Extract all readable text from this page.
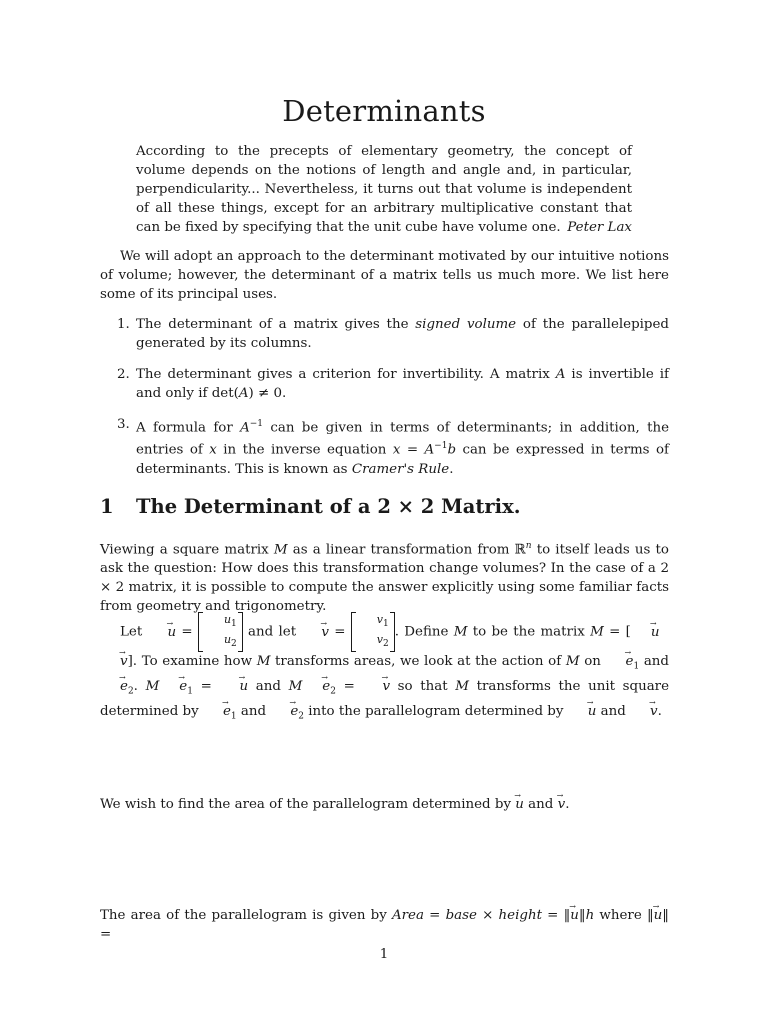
Determinants
According to the precepts of elementary geometry, the concept of volume depends on the notions of length and angle and, in particular, perpendicularity... Nevertheless, it turns out that volume is independent of all these things, except for an arbitrary multiplicative constant that can be fixed by specifying that the unit cube have volume one. Peter Lax

We will adopt an approach to the determinant motivated by our intuitive notions of volume; however, the determinant of a matrix tells us much more. We list here some of its principal uses.

1. The determinant of a matrix gives the signed volume of the parallelepiped generated by its columns.
2. The determinant gives a criterion for invertibility. A matrix A is invertible if and only if det(A) ≠ 0.
3. A formula for $A^{-1}$ can be given in terms of determinants; in addition, the entries of x in the inverse equation $x = A^{-1}b$ can be expressed in terms of determinants. This is known as Cramer's Rule.
1 The Determinant of a 2 × 2 Matrix.

Viewing a square matrix M as a linear transformation from ℝ$^n$ to itself leads us to ask the question: How does this transformation change volumes? In the case of a 2 × 2 matrix, it is possible to compute the answer explicitly using some familiar facts from geometry and trigonometry.

Let → u =
$u_1$
$u_2$
and let → v =
$v_1$
$v_2$
. Define M to be the matrix M = [ → u  → v]. To examine how M transforms areas, we look at the action of M on → $e_1$ and → $e_2$. $M \to e_1$ = → u and $M \to e_2$ = → v so that M transforms the unit square determined by → $e_1$ and → $e_2$ into the parallelogram determined by → u and → v.

We wish to find the area of the parallelogram determined by → u and → v.

The area of the parallelogram is given by Area = base × height = ‖→ u‖h where ‖→ u‖ =

1
